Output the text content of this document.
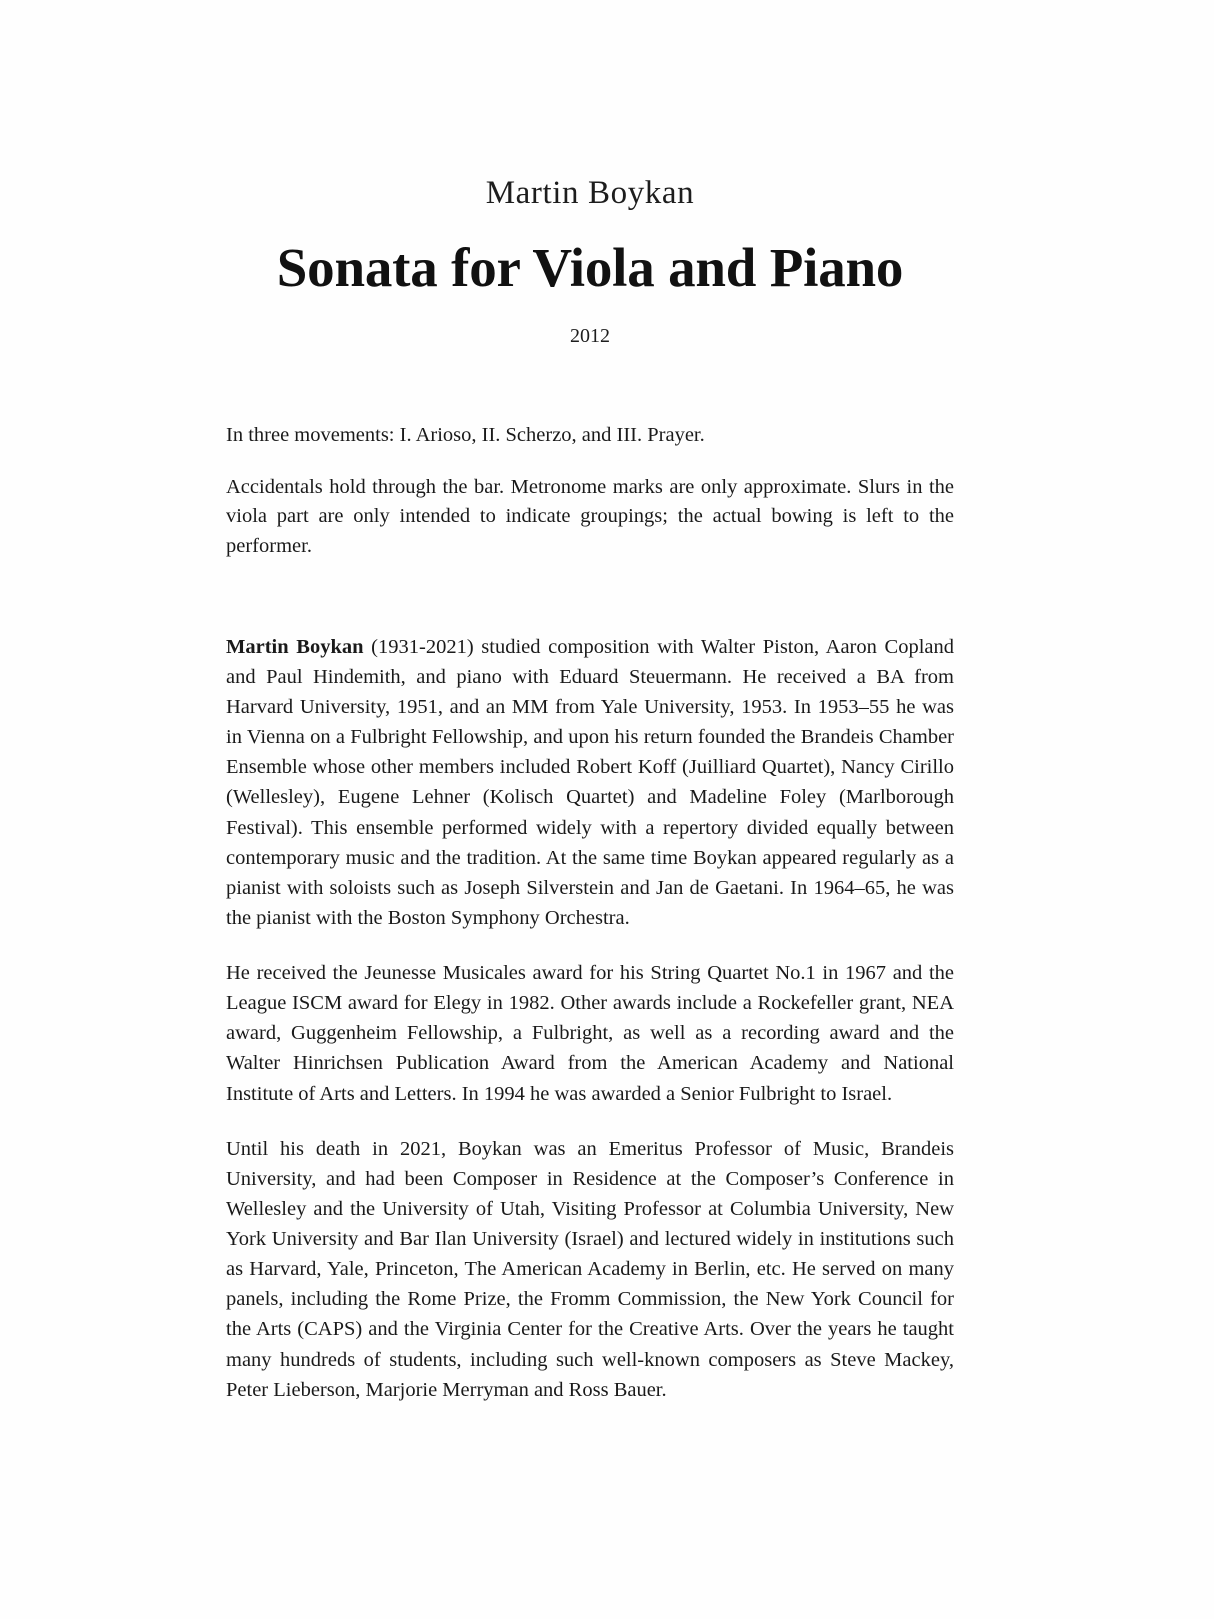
Martin Boykan
Sonata for Viola and Piano
2012

In three movements: I. Arioso, II. Scherzo, and III. Prayer.

Accidentals hold through the bar. Metronome marks are only approximate. Slurs in the viola part are only intended to indicate groupings; the actual bowing is left to the performer.

Martin Boykan (1931-2021) studied composition with Walter Piston, Aaron Copland and Paul Hindemith, and piano with Eduard Steuermann. He received a BA from Harvard University, 1951, and an MM from Yale University, 1953. In 1953–55 he was in Vienna on a Fulbright Fellowship, and upon his return founded the Brandeis Chamber Ensemble whose other members included Robert Koff (Juilliard Quartet), Nancy Cirillo (Wellesley), Eugene Lehner (Kolisch Quartet) and Madeline Foley (Marlborough Festival). This ensemble performed widely with a repertory divided equally between contemporary music and the tradition. At the same time Boykan appeared regularly as a pianist with soloists such as Joseph Silverstein and Jan de Gaetani. In 1964–65, he was the pianist with the Boston Symphony Orchestra.

He received the Jeunesse Musicales award for his String Quartet No.1 in 1967 and the League ISCM award for Elegy in 1982. Other awards include a Rockefeller grant, NEA award, Guggenheim Fellowship, a Fulbright, as well as a recording award and the Walter Hinrichsen Publication Award from the American Academy and National Institute of Arts and Letters. In 1994 he was awarded a Senior Fulbright to Israel.

Until his death in 2021, Boykan was an Emeritus Professor of Music, Brandeis University, and had been Composer in Residence at the Composer’s Conference in Wellesley and the University of Utah, Visiting Professor at Columbia University, New York University and Bar Ilan University (Israel) and lectured widely in institutions such as Harvard, Yale, Princeton, The American Academy in Berlin, etc. He served on many panels, including the Rome Prize, the Fromm Commission, the New York Council for the Arts (CAPS) and the Virginia Center for the Creative Arts. Over the years he taught many hundreds of students, including such well-known composers as Steve Mackey, Peter Lieberson, Marjorie Merryman and Ross Bauer.
